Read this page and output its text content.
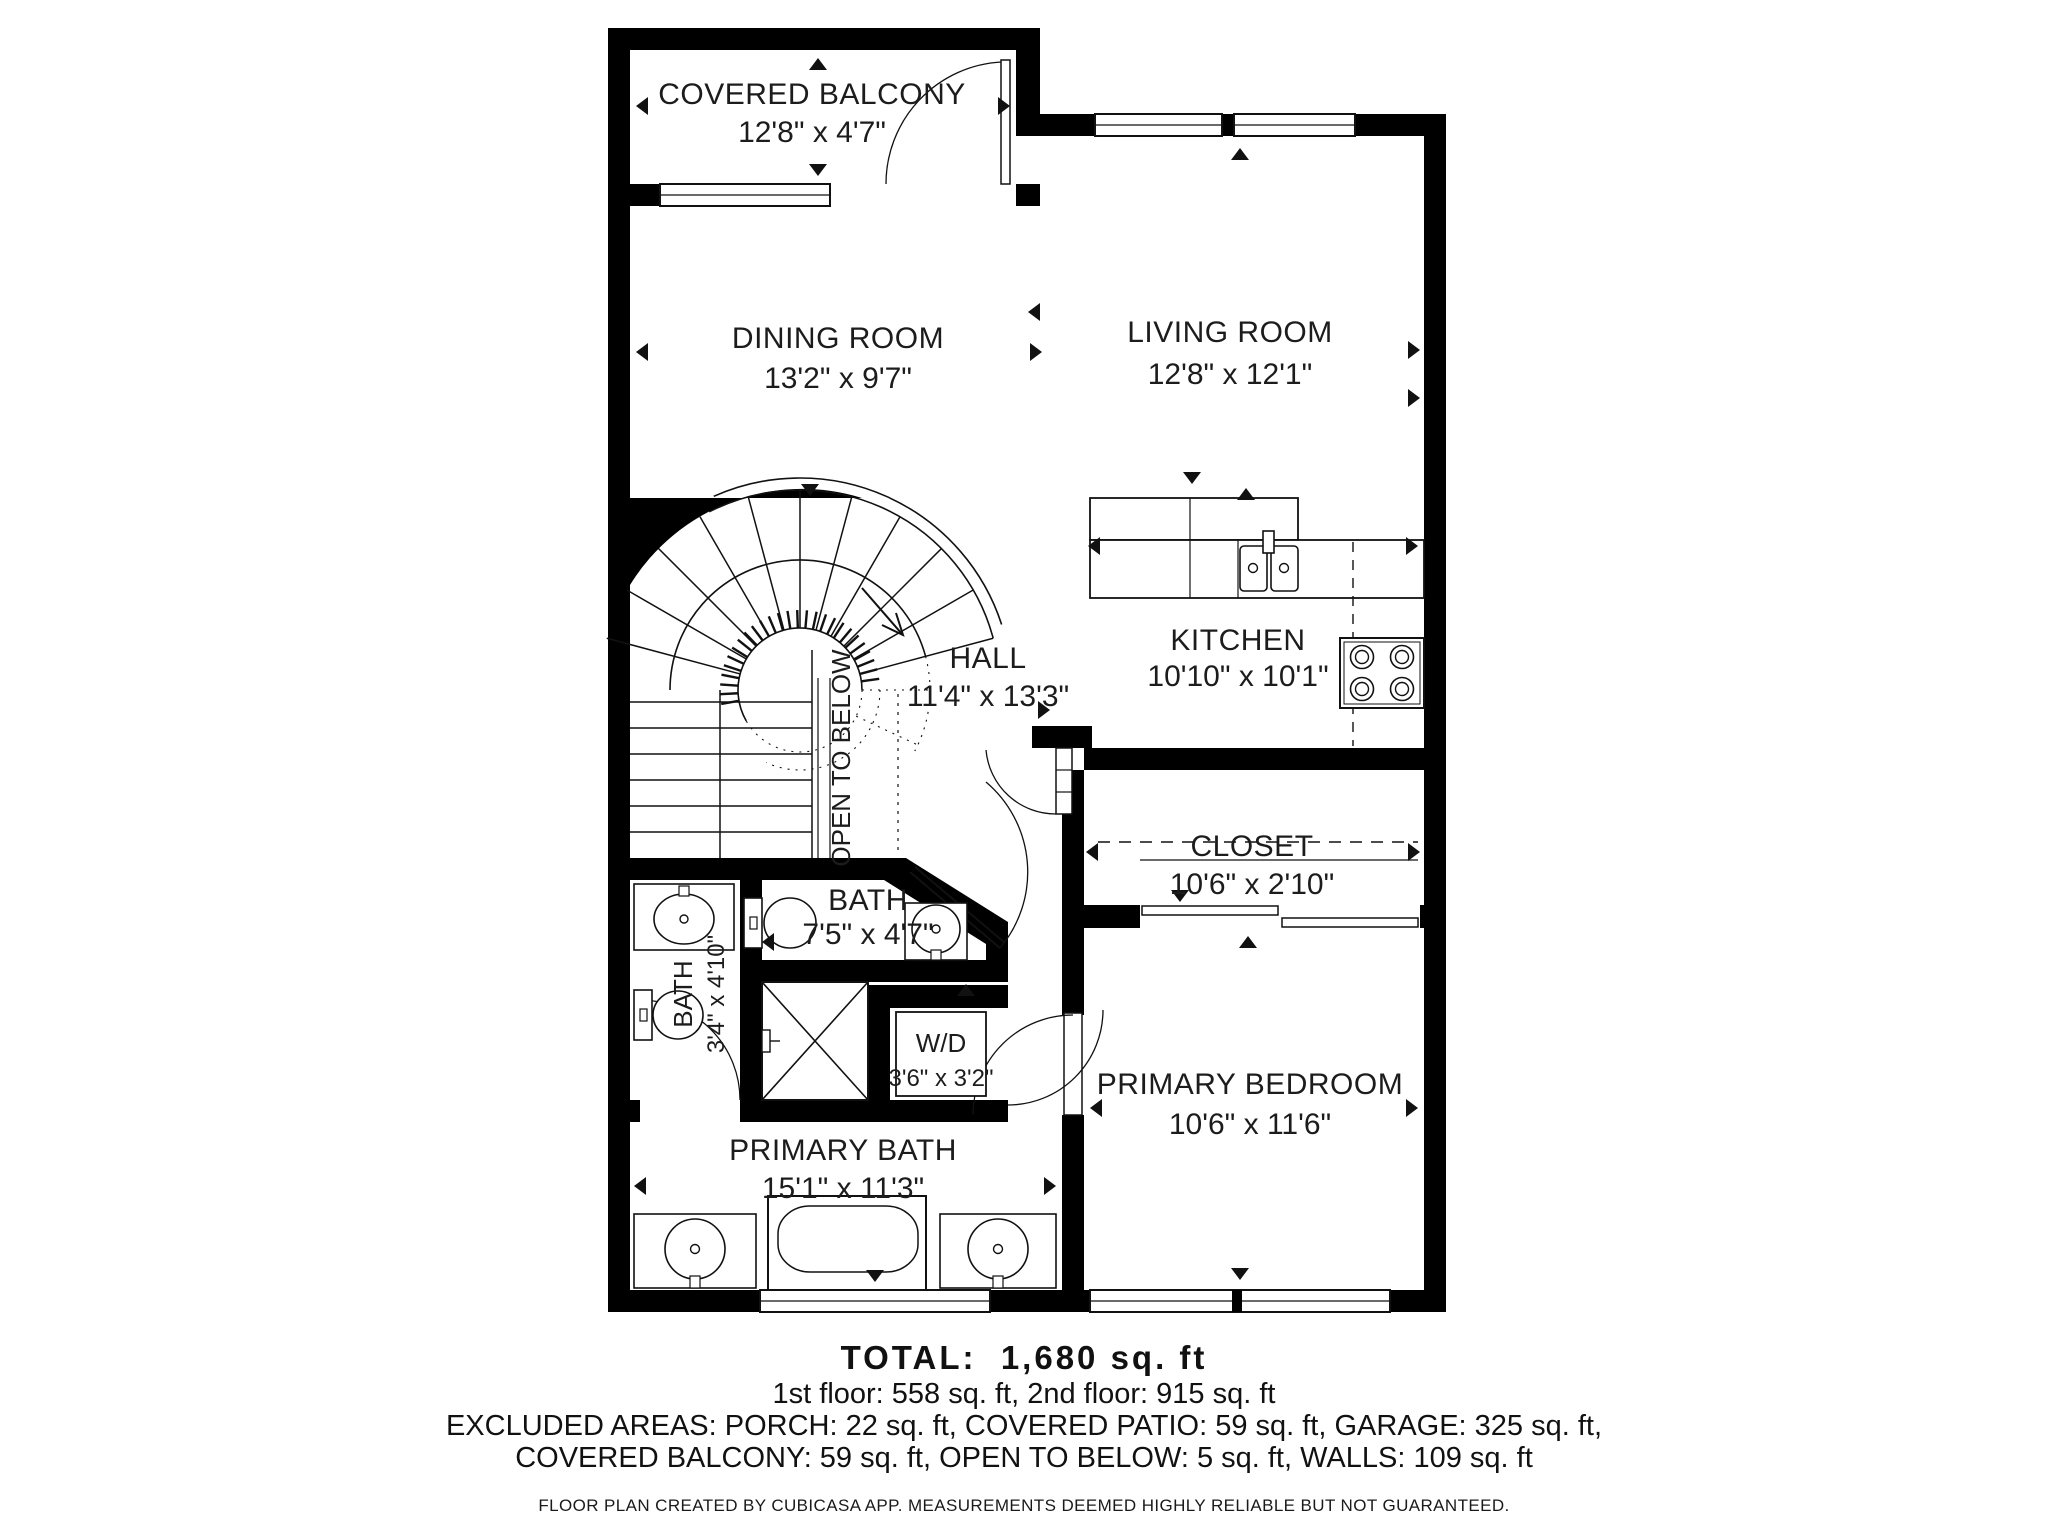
COVERED BALCONY
12'8" x 4'7"
DINING ROOM
13'2" x 9'7"
LIVING ROOM
12'8" x 12'1"
KITCHEN
10'10" x 10'1"
HALL
11'4" x 13'3"
OPEN TO BELOW
BATH
7'5" x 4'7"
BATH 3'4" x 4'10"	W/D
3'6" x 3'2"
CLOSET
10'6" x 2'10"
PRIMARY BEDROOM
10'6" x 11'6"
PRIMARY BATH
15'1" x 11'3"
TOTAL:  1,680 sq. ft
1st floor: 558 sq. ft, 2nd floor: 915 sq. ft
EXCLUDED AREAS: PORCH: 22 sq. ft, COVERED PATIO: 59 sq. ft, GARAGE: 325 sq. ft,
COVERED BALCONY: 59 sq. ft, OPEN TO BELOW: 5 sq. ft, WALLS: 109 sq. ft
FLOOR PLAN CREATED BY CUBICASA APP. MEASUREMENTS DEEMED HIGHLY RELIABLE BUT NOT GUARANTEED.
